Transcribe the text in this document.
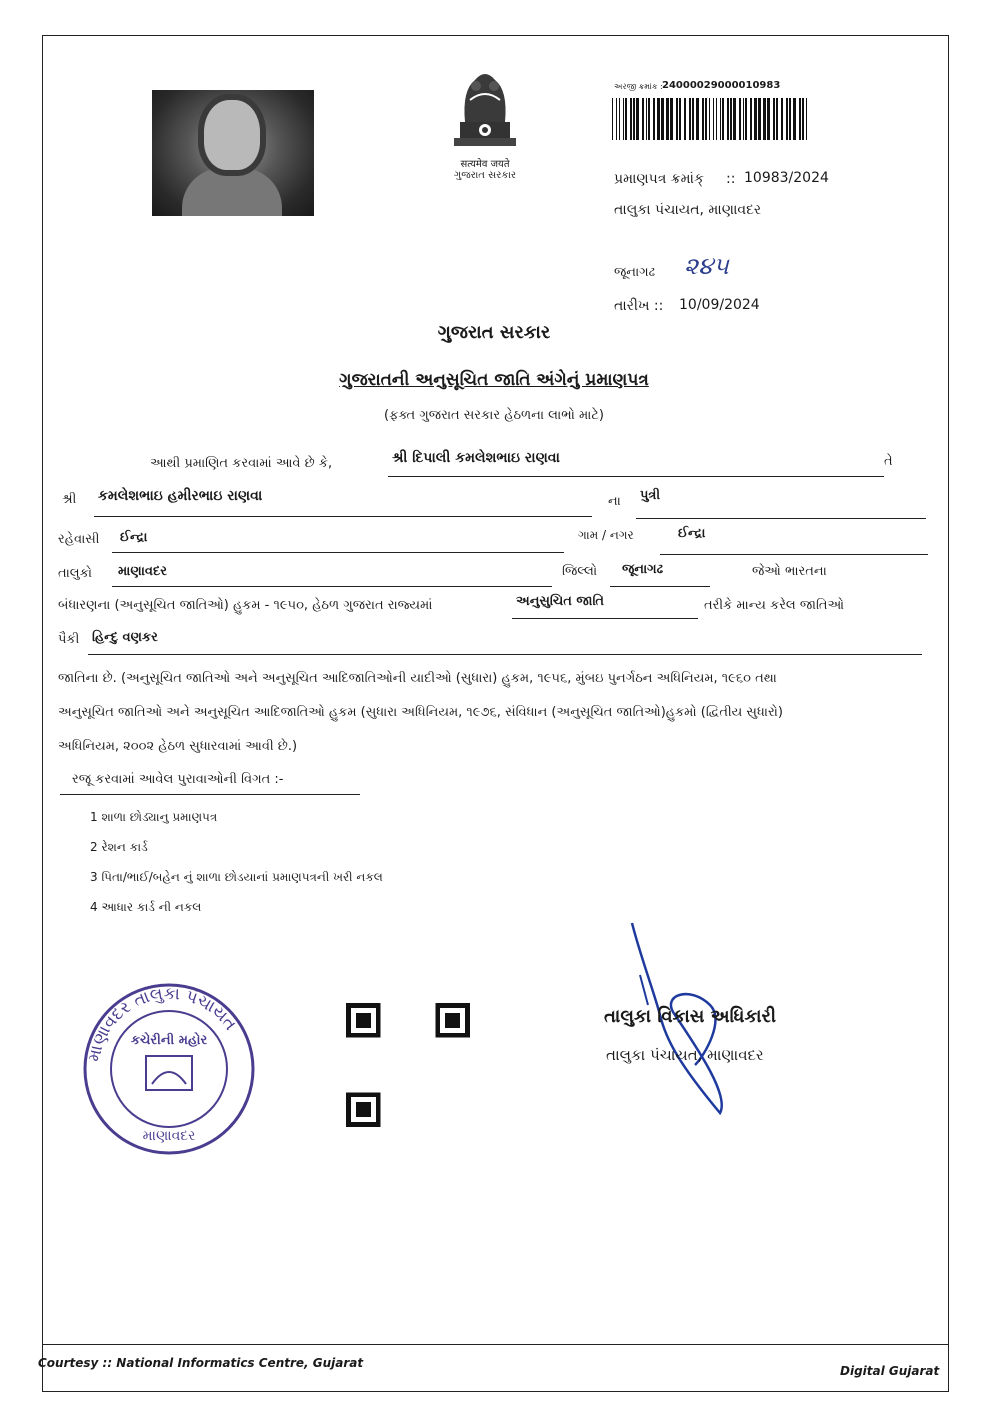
सत्यमेव जयते
ગુજરાત સરકાર
અરજી ક્રમાંક : 24000029000010983
પ્રમાણપત્ર ક્રમાંક્ :: 10983/2024
તાલુકા પંચાયત, માણાવદર
જૂનાગઢ ૨૪૫
તારીખ :: 10/09/2024
ગુજરાત સરકાર
ગુજરાતની અનુસૂચિત જાતિ અંગેનું પ્રમાણપત્ર
(ફક્ત ગુજરાત સરકાર હેઠળના લાભો માટે)
આથી પ્રમાણિત કરવામાં આવે છે કે,	શ્રી દિપાલી કમલેશભાઇ રાણવા	તે
શ્રી કમલેશભાઇ હમીરભાઇ રાણવા	ના પુત્રી
રહેવાસી ઈન્દ્રા	ગામ / નગર	ઈન્દ્રા
તાલુકો માણાવદર	જિલ્લો જૂનાગઢ	જેઓ ભારતના
બંધારણના (અનુસૂચિત જાતિઓ) હુકમ - ૧૯૫૦, હેઠળ ગુજરાત રાજ્યમાં	અનુસુચિત જાતિ	તરીકે માન્ય કરેલ જાતિઓ
પૈકી હિન્દુ વણકર
જાતિના છે. (અનુસૂચિત જાતિઓ અને અનુસૂચિત આદિજાતિઓની યાદીઓ (સુધારા) હુકમ, ૧૯૫૬, મુંબઇ પુનર્ગઠન અધિનિયમ, ૧૯૬૦ તથા
અનુસૂચિત જાતિઓ અને અનુસૂચિત આદિજાતિઓ હુકમ (સુધારા અધિનિયમ, ૧૯૭૬, સંવિધાન (અનુસૂચિત જાતિઓ)હુકમો (દ્વિતીય સુધારો)
અધિનિયમ, ૨૦૦૨ હેઠળ સુધારવામાં આવી છે.)
રજૂ કરવામાં આવેલ પુરાવાઓની વિગત :-
1 શાળા છોડ્યાનુ પ્રમાણપત્ર
2 રેશન કાર્ડ
3 પિતા/ભાઈ/બહેન નું શાળા છોડયાનાં પ્રમાણપત્રની ખરી નકલ
4 આધાર કાર્ડ ની નકલ
માણાવદર તાલુકા પંચાયત
કચેરીની મહોર
માણાવદર
તાલુકા વિકાસ અધિકારી
તાલુકા પંચાયત, માણાવદર
Courtesy :: National Informatics Centre, Gujarat
Digital Gujarat
